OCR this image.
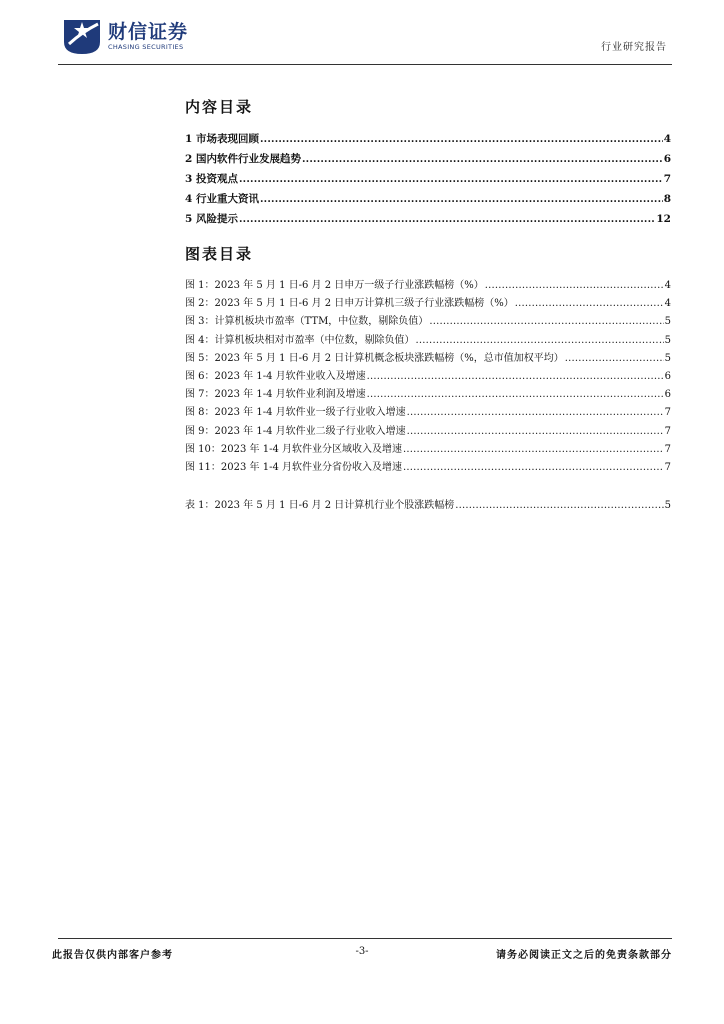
财信证券
CHASING SECURITIES	行业研究报告
内容目录
1 市场表现回顾 .....	4
2 国内软件行业发展趋势 .....	6
3 投资观点 .....	7
4 行业重大资讯 .....	8
5 风险提示 .....	12
图表目录
图 1：2023 年 5 月 1 日-6 月 2 日申万一级子行业涨跌幅榜（%） .....	4
图 2：2023 年 5 月 1 日-6 月 2 日申万计算机三级子行业涨跌幅榜（%） .....	4
图 3：计算机板块市盈率（TTM，中位数，剔除负值） .....	5
图 4：计算机板块相对市盈率（中位数，剔除负值） .....	5
图 5：2023 年 5 月 1 日-6 月 2 日计算机概念板块涨跌幅榜（%，总市值加权平均） .....	5
图 6：2023 年 1-4 月软件业收入及增速 .....	6
图 7：2023 年 1-4 月软件业利润及增速 .....	6
图 8：2023 年 1-4 月软件业一级子行业收入增速 .....	7
图 9：2023 年 1-4 月软件业二级子行业收入增速 .....	7
图 10：2023 年 1-4 月软件业分区域收入及增速 .....	7
图 11：2023 年 1-4 月软件业分省份收入及增速 .....	7
表 1：2023 年 5 月 1 日-6 月 2 日计算机行业个股涨跌幅榜 .....	5
此报告仅供内部客户参考	-3-	请务必阅读正文之后的免责条款部分
